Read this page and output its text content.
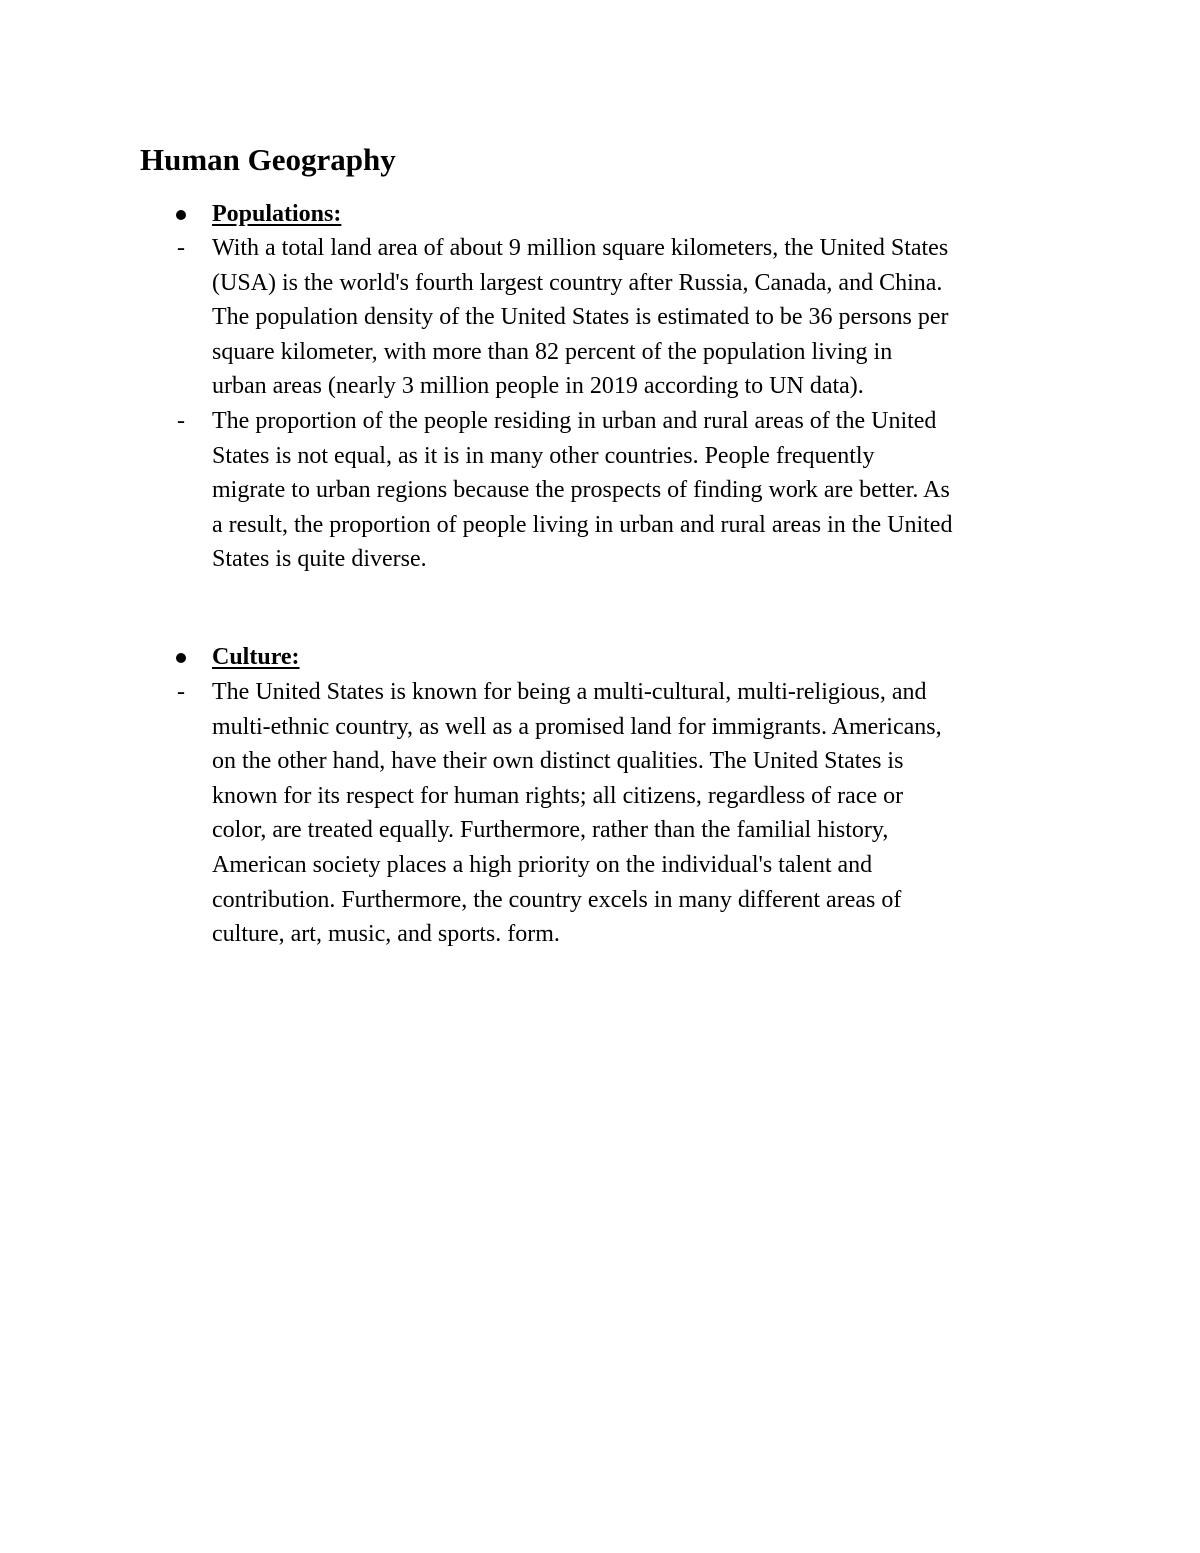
Human Geography
Populations:
- With a total land area of about 9 million square kilometers, the United States
(USA) is the world's fourth largest country after Russia, Canada, and China.
The population density of the United States is estimated to be 36 persons per
square kilometer, with more than 82 percent of the population living in
urban areas (nearly 3 million people in 2019 according to UN data).
- The proportion of the people residing in urban and rural areas of the United
States is not equal, as it is in many other countries. People frequently
migrate to urban regions because the prospects of finding work are better. As
a result, the proportion of people living in urban and rural areas in the United
States is quite diverse.
Culture:
- The United States is known for being a multi-cultural, multi-religious, and
multi-ethnic country, as well as a promised land for immigrants. Americans,
on the other hand, have their own distinct qualities. The United States is
known for its respect for human rights; all citizens, regardless of race or
color, are treated equally. Furthermore, rather than the familial history,
American society places a high priority on the individual's talent and
contribution. Furthermore, the country excels in many different areas of
culture, art, music, and sports. form.
